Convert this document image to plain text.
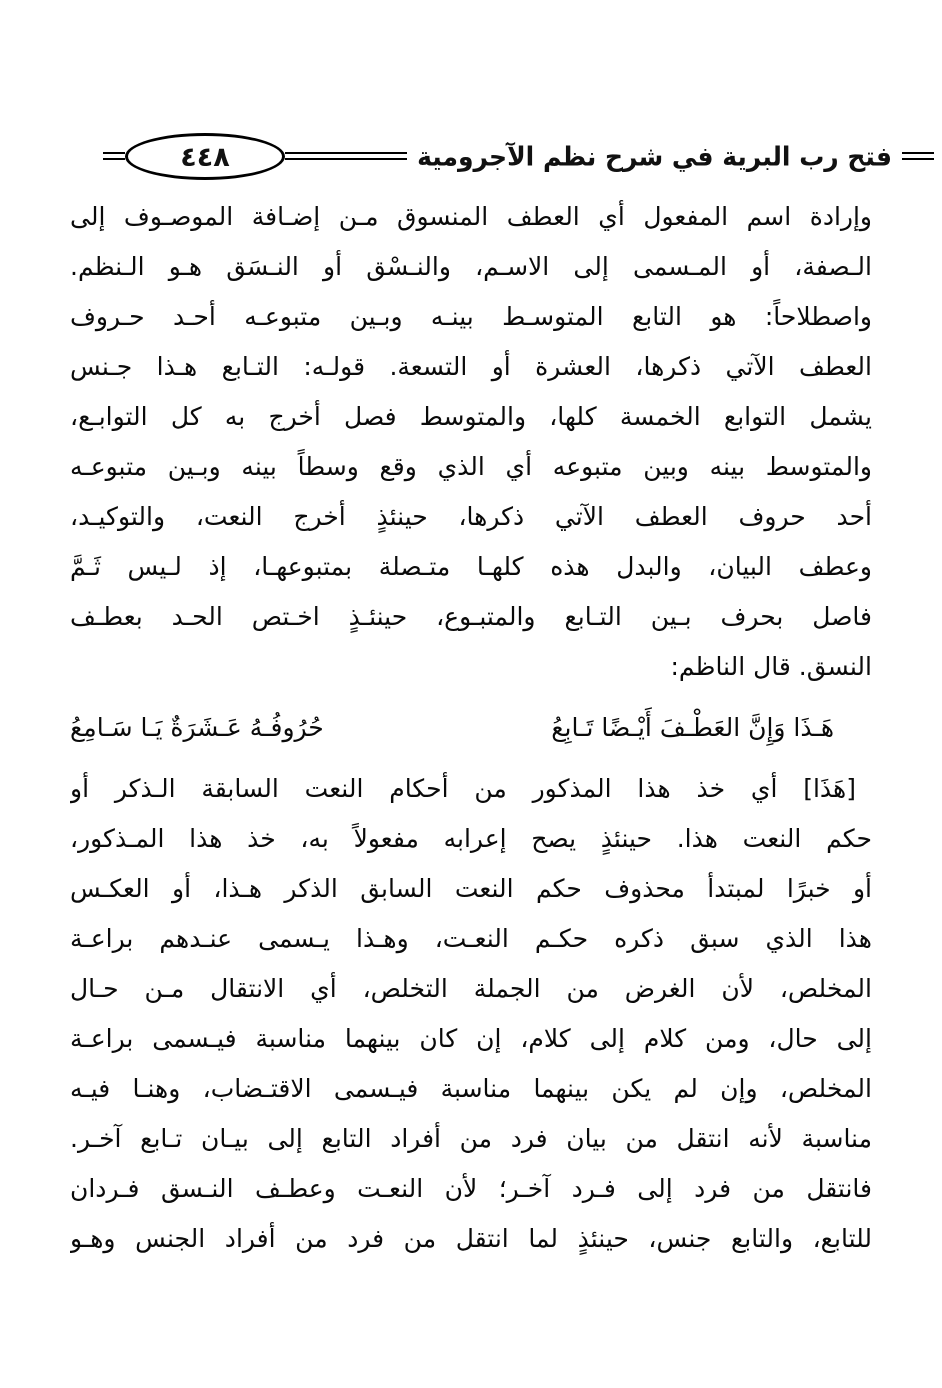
٤٤٨	فتح رب البرية في شرح نظم الآجرومية
وإرادة اسم المفعول أي العطف المنسوق مـن إضـافة الموصـوف إلى
الـصفة، أو المـسمى إلى الاسـم، والنـسْق أو النـسَق هـو الـنظم.
واصطلاحاً: هو التابع المتوسـط بينـه وبـين متبوعـه أحـد حـروف
العطف الآتي ذكرها، العشرة أو التسعة. قولـه: التـابع هـذا جـنس
يشمل التوابع الخمسة كلها، والمتوسط فصل أخرج به كل التوابـع،
والمتوسط بينه وبين متبوعه أي الذي وقع وسطاً بينه وبـين متبوعـه
أحد حروف العطف الآتي ذكرها، حينئذٍ أخرج النعت، والتوكيـد،
وعطف البيان، والبدل هذه كلهـا متـصلة بمتبوعهـا، إذ لـيس ثَـمَّ
فاصل بحرف بـين التـابع والمتبـوع، حينئـذٍ اخـتص الحـد بعطـف
النسق. قال الناظم:
هَـذَا وَإِنَّ العَطْـفَ أَيْـضًا تَـابِعُ
حُرُوفُـهُ عَـشَرَةٌ يَـا سَـامِعُ
[هَذَا] أي خذ هذا المذكور من أحكام النعت السابقة الـذكر أو
حكم النعت هذا. حينئذٍ يصح إعرابه مفعولاً به، خذ هذا المـذكور،
أو خبرًا لمبتدأ محذوف حكم النعت السابق الذكر هـذا، أو العكـس
هذا الذي سبق ذكره حكـم النعـت، وهـذا يـسمى عنـدهم براعـة
المخلص، لأن الغرض من الجملة التخلص، أي الانتقال مـن حـال
إلى حال، ومن كلام إلى كلام، إن كان بينهما مناسبة فيـسمى براعـة
المخلص، وإن لم يكن بينهما مناسبة فيـسمى الاقتـضاب، وهنـا فيـه
مناسبة لأنه انتقل من بيان فرد من أفراد التابع إلى بيـان تـابع آخـر.
فانتقل من فرد إلى فـرد آخـر؛ لأن النعـت وعطـف النـسق فـردان
للتابع، والتابع جنس، حينئذٍ لما انتقل من فرد من أفراد الجنس وهـو
